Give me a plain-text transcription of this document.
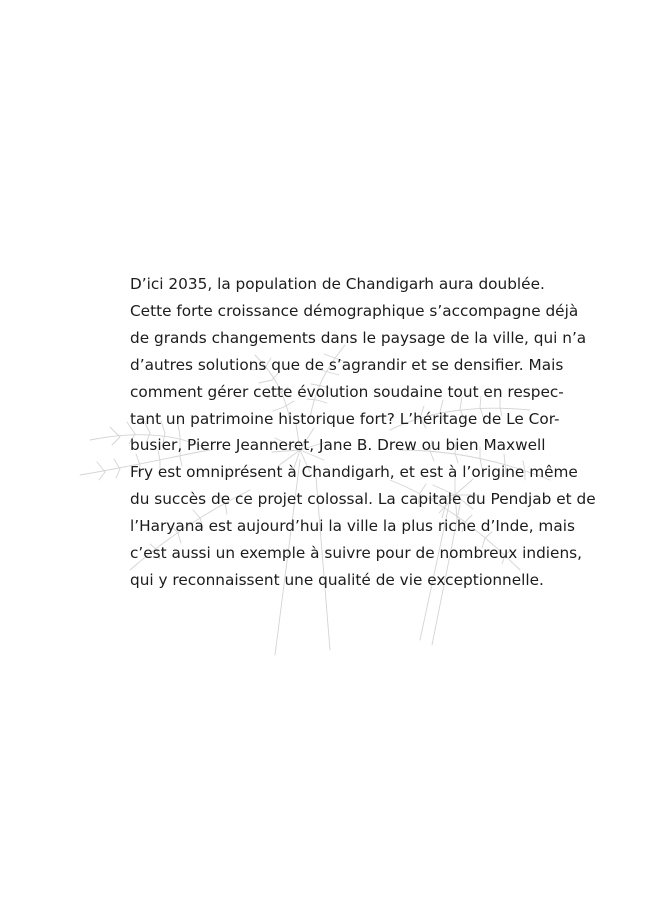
D’ici 2035, la population de Chandigarh aura doublée.
Cette forte croissance démographique s’accompagne déjà
de grands changements dans le paysage de la ville, qui n’a
d’autres solutions que de s’agrandir et se densifier. Mais
comment gérer cette évolution soudaine tout en respec-
tant un patrimoine historique fort? L’héritage de Le Cor-
busier, Pierre Jeanneret, Jane B. Drew ou bien Maxwell
Fry est omniprésent à Chandigarh, et est à l’origine même
du succès de ce projet colossal. La capitale du Pendjab et de
l’Haryana est aujourd’hui la ville la plus riche d’Inde, mais
c’est aussi un exemple à suivre pour de nombreux indiens,
qui y reconnaissent une qualité de vie exceptionnelle.
